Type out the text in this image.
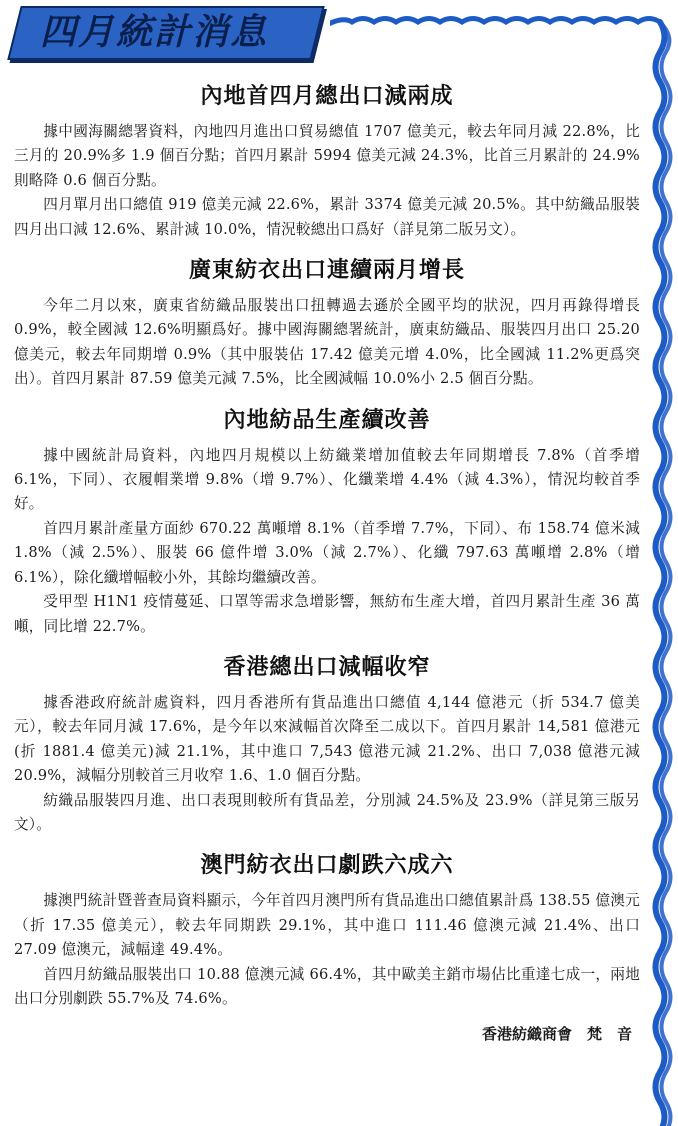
四月統計消息
內地首四月總出口減兩成

據中國海關總署資料，內地四月進出口貿易總值 1707 億美元，較去年同月減 22.8%，比三月的 20.9%多 1.9 個百分點；首四月累計 5994 億美元減 24.3%，比首三月累計的 24.9%則略降 0.6 個百分點。

四月單月出口總值 919 億美元減 22.6%，累計 3374 億美元減 20.5%。其中紡織品服裝四月出口減 12.6%、累計減 10.0%，情況較總出口爲好（詳見第二版另文）。

廣東紡衣出口連續兩月增長

今年二月以來，廣東省紡織品服裝出口扭轉過去遜於全國平均的狀況，四月再錄得增長 0.9%，較全國減 12.6%明顯爲好。據中國海關總署統計，廣東紡織品、服裝四月出口 25.20 億美元，較去年同期增 0.9%（其中服裝佔 17.42 億美元增 4.0%，比全國減 11.2%更爲突出）。首四月累計 87.59 億美元減 7.5%，比全國減幅 10.0%小 2.5 個百分點。

內地紡品生產續改善

據中國統計局資料，內地四月規模以上紡織業增加值較去年同期增長 7.8%（首季增 6.1%，下同）、衣履帽業增 9.8%（增 9.7%）、化纖業增 4.4%（減 4.3%），情況均較首季好。

首四月累計產量方面紗 670.22 萬噸增 8.1%（首季增 7.7%，下同）、布 158.74 億米減 1.8%（減 2.5%）、服裝 66 億件增 3.0%（減 2.7%）、化纖 797.63 萬噸增 2.8%（增 6.1%），除化纖增幅較小外，其餘均繼續改善。

受甲型 H1N1 疫情蔓延、口罩等需求急增影響，無紡布生產大增，首四月累計生產 36 萬噸，同比增 22.7%。

香港總出口減幅收窄

據香港政府統計處資料，四月香港所有貨品進出口總值 4,144 億港元（折 534.7 億美元），較去年同月減 17.6%，是今年以來減幅首次降至二成以下。首四月累計 14,581 億港元(折 1881.4 億美元)減 21.1%，其中進口 7,543 億港元減 21.2%、出口 7,038 億港元減 20.9%，減幅分別較首三月收窄 1.6、1.0 個百分點。

紡織品服裝四月進、出口表現則較所有貨品差，分別減 24.5%及 23.9%（詳見第三版另文）。

澳門紡衣出口劇跌六成六

據澳門統計暨普查局資料顯示，今年首四月澳門所有貨品進出口總值累計爲 138.55 億澳元（折 17.35 億美元），較去年同期跌 29.1%，其中進口 111.46 億澳元減 21.4%、出口 27.09 億澳元，減幅達 49.4%。

首四月紡織品服裝出口 10.88 億澳元減 66.4%，其中歐美主銷市場佔比重達七成一，兩地出口分別劇跌 55.7%及 74.6%。

香港紡織商會　梵　音
